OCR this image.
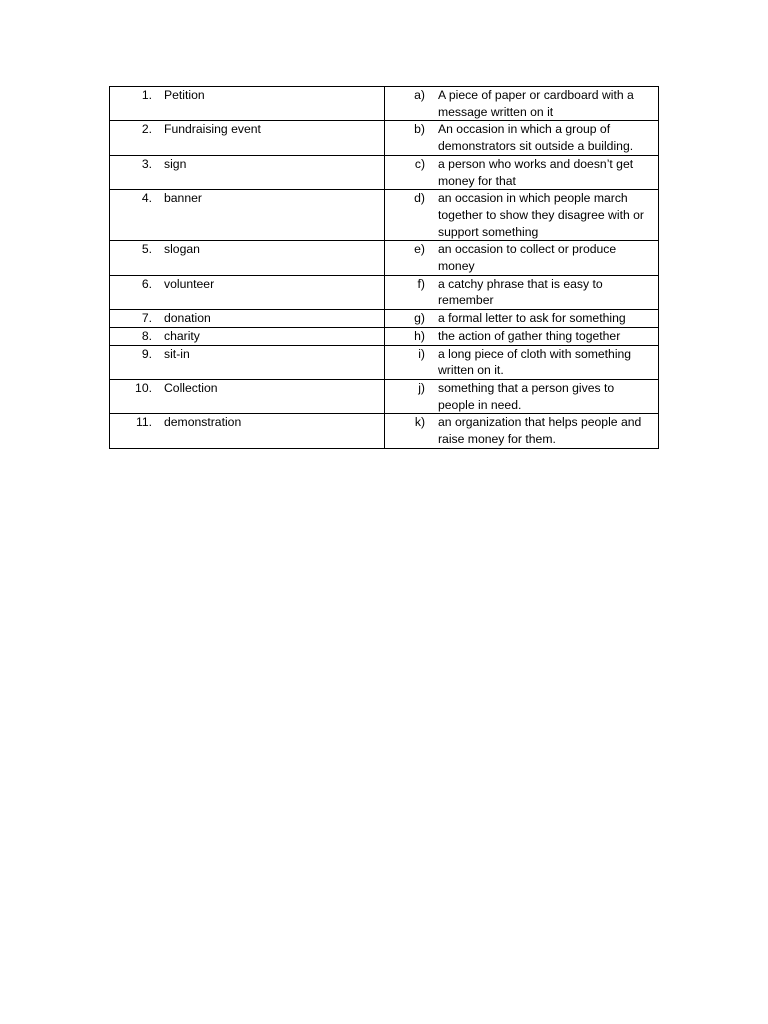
1. Petition	a) A piece of paper or cardboard with a message written on it

2. Fundraising event	b) An occasion in which a group of demonstrators sit outside a building.

3. sign	c) a person who works and doesn’t get money for that

4. banner	d) an occasion in which people march together to show they disagree with or support something

5. slogan	e) an occasion to collect or produce money

6. volunteer	f) a catchy phrase that is easy to remember

7. donation	g) a formal letter to ask for something

8. charity	h) the action of gather thing together

9. sit-in	i) a long piece of cloth with something written on it.

10. Collection	j) something that a person gives to people in need.

11. demonstration	k) an organization that helps people and raise money for them.
